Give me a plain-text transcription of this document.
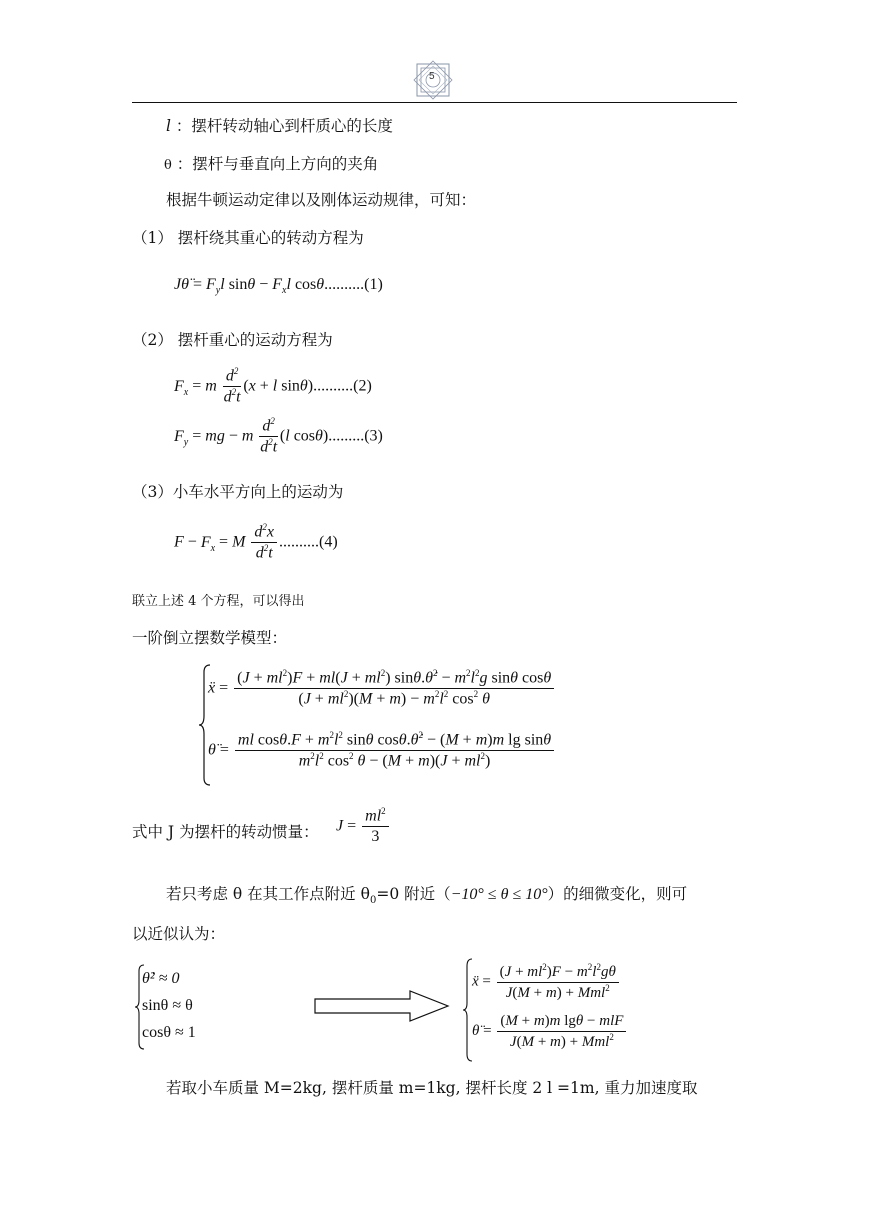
5
l ：摆杆转动轴心到杆质心的长度
θ ：摆杆与垂直向上方向的夹角
根据牛顿运动定律以及刚体运动规律，可知：
（1） 摆杆绕其重心的转动方程为
Jθ̈ = $F_yl$ $\sin\theta - F_xl$ cosθ..........(1)
（2） 摆杆重心的运动方程为
$F_x = m \frac{d^2}{d^2t} (x + l$ sinθ)..........(2)
$F_y$ = mg − m $\frac{d^2}{d^2t} (l$ cosθ).........(3)
（3）小车水平方向上的运动为
$F - F_x = M \frac{d^2x}{d^2t} ..........(4)$
联立上述 4 个方程，可以得出
一阶倒立摆数学模型：
ẍ = $\frac{(J + ml^2)F + ml(J + ml^2) \sin\theta.\thetȧ^2 - m^2l^2g \sin\theta \cos\theta}{(J + ml^2)(M + m) - m^2l^2 \cos^2 \theta}$
θ̈ = $\frac{ml \cos\theta.F + m^2l^2 \sin\theta \cos\theta.\thetȧ^2 - (M + m)m \lg \sin\theta}{m^2l^2 \cos^2 \theta - (M + m)(J + ml^2)}$
式中 J 为摆杆的转动惯量： $J = \frac{ml^2}{3}$
若只考虑 θ 在其工作点附近 $\theta_0=0$ 附近（−10° ≤ θ ≤ 10°）的细微变化，则可
以近似认为：
θ̇² ≈ 0
sinθ ≈ θ
cosθ ≈ 1
ẍ = $\frac{(J + ml^2)F - m^2l^2g\theta}{J(M + m) + Mml^2}$
θ̈ = $\frac{\text{(M + m)m lgθ − mlF}}{J(M + m) + Mml^2}$
若取小车质量 M=2kg, 摆杆质量 m=1kg, 摆杆长度 2 l =1m, 重力加速度取
